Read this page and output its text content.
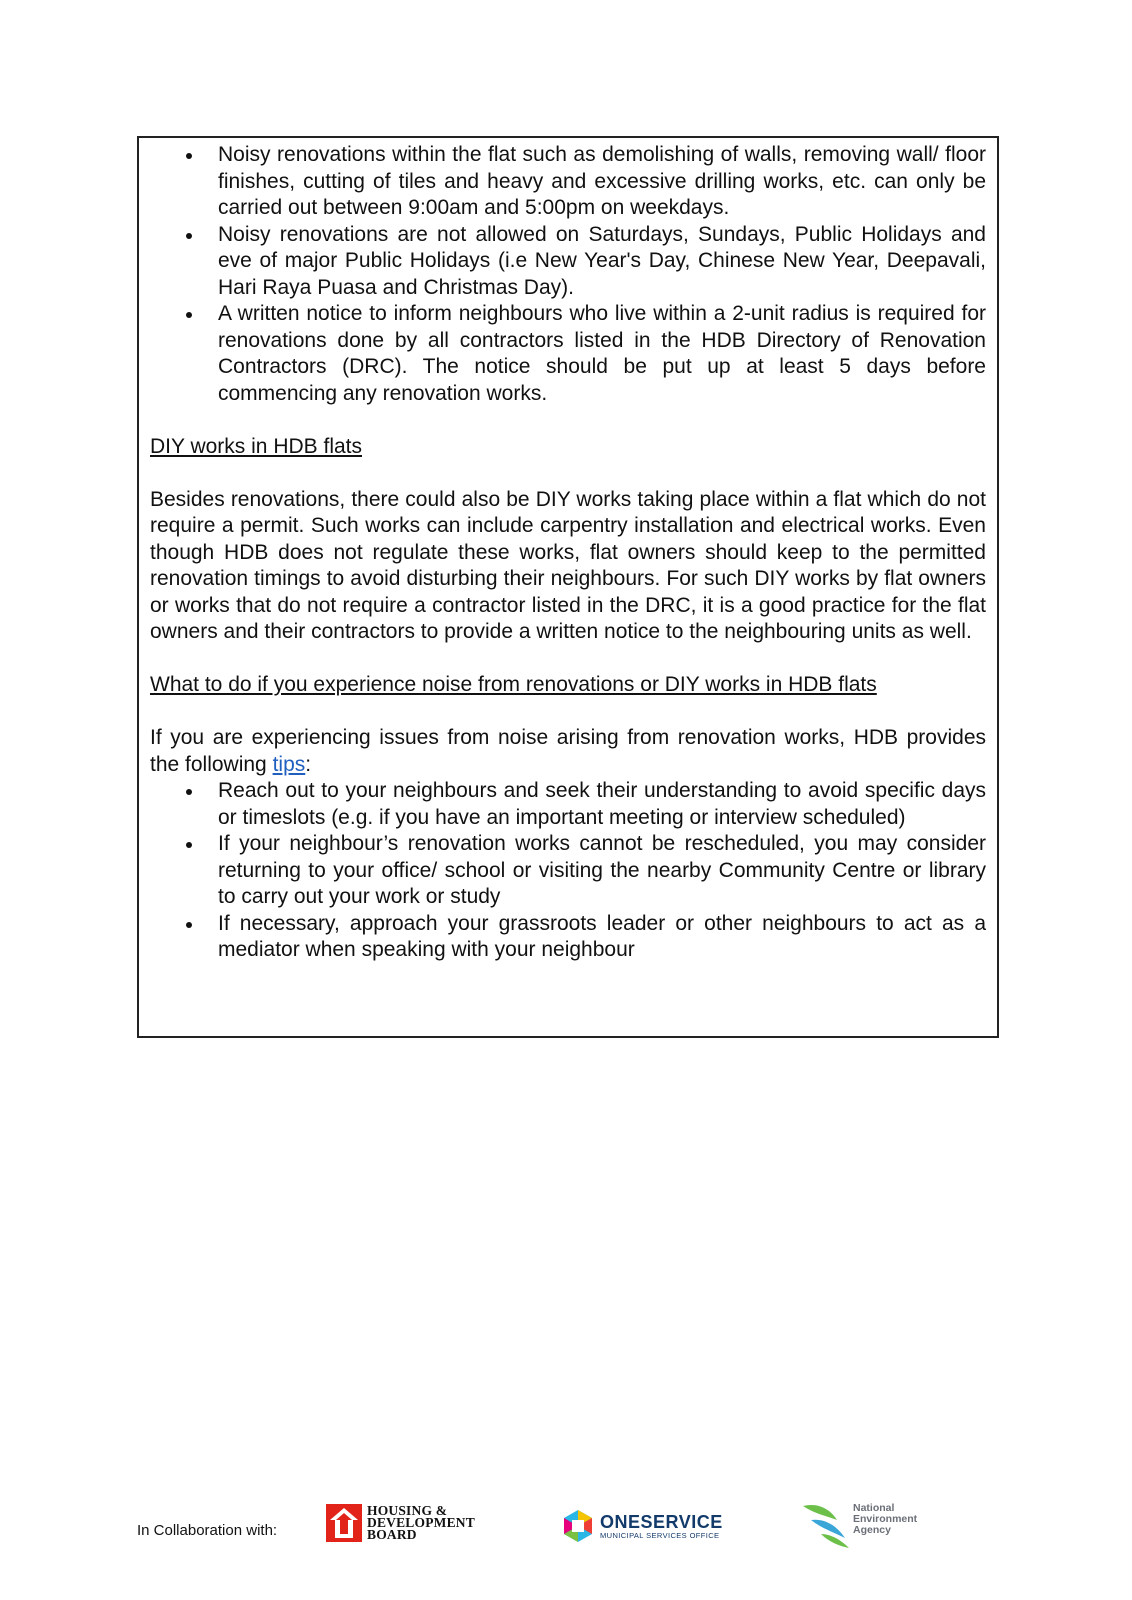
Noisy renovations within the flat such as demolishing of walls, removing wall/ floor finishes, cutting of tiles and heavy and excessive drilling works, etc. can only be carried out between 9:00am and 5:00pm on weekdays.
Noisy renovations are not allowed on Saturdays, Sundays, Public Holidays and eve of major Public Holidays (i.e New Year's Day, Chinese New Year, Deepavali, Hari Raya Puasa and Christmas Day).
A written notice to inform neighbours who live within a 2-unit radius is required for renovations done by all contractors listed in the HDB Directory of Renovation Contractors (DRC). The notice should be put up at least 5 days before commencing any renovation works.

DIY works in HDB flats

Besides renovations, there could also be DIY works taking place within a flat which do not require a permit. Such works can include carpentry installation and electrical works. Even though HDB does not regulate these works, flat owners should keep to the permitted renovation timings to avoid disturbing their neighbours. For such DIY works by flat owners or works that do not require a contractor listed in the DRC, it is a good practice for the flat owners and their contractors to provide a written notice to the neighbouring units as well.

What to do if you experience noise from renovations or DIY works in HDB flats

If you are experiencing issues from noise arising from renovation works, HDB provides the following tips:

Reach out to your neighbours and seek their understanding to avoid specific days or timeslots (e.g. if you have an important meeting or interview scheduled)
If your neighbour’s renovation works cannot be rescheduled, you may consider returning to your office/ school or visiting the nearby Community Centre or library to carry out your work or study
If necessary, approach your grassroots leader or other neighbours to act as a mediator when speaking with your neighbour
In Collaboration with:
HOUSING &
DEVELOPMENT
BOARD
ONESERVICE
MUNICIPAL SERVICES OFFICE
National
Environment
Agency
